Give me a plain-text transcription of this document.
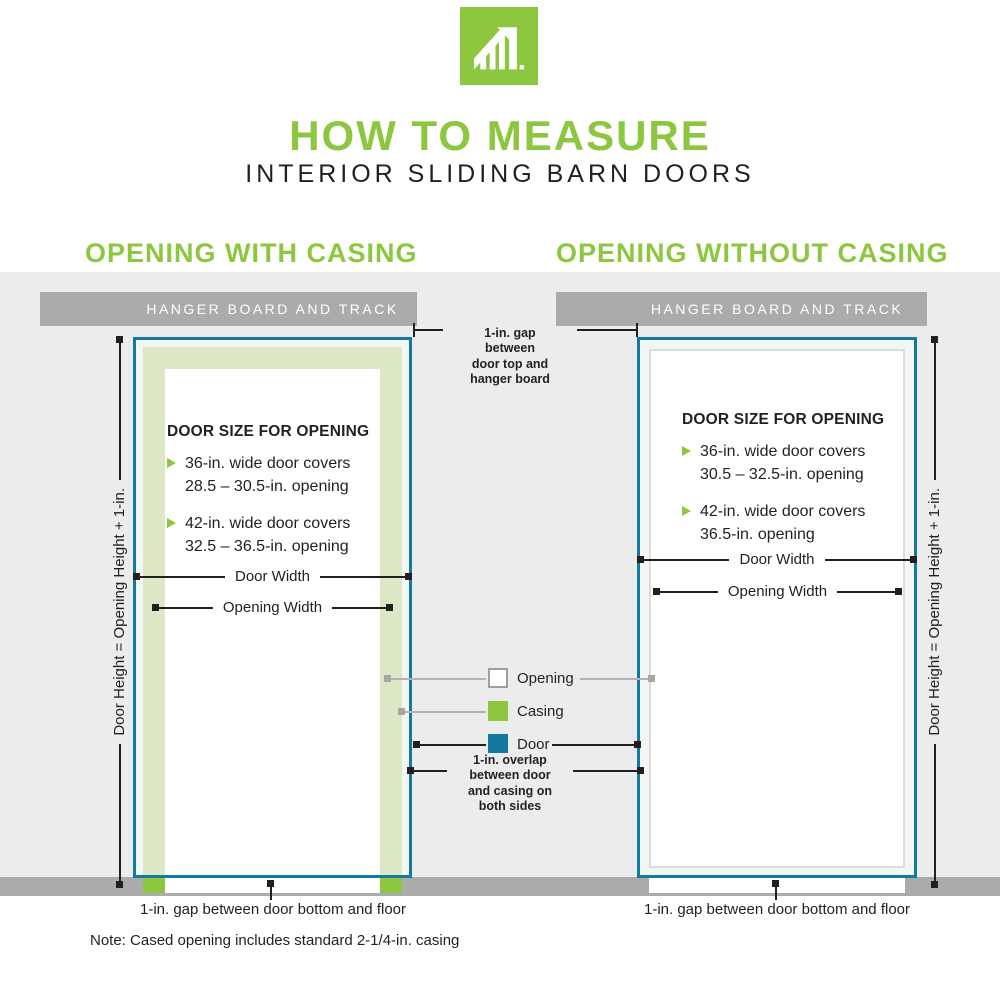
HOW TO MEASURE
INTERIOR SLIDING BARN DOORS
OPENING WITH CASING	OPENING WITHOUT CASING
HANGER BOARD AND TRACK	HANGER BOARD AND TRACK
DOOR SIZE FOR OPENING
36-in. wide door covers
28.5 – 30.5-in. opening
42-in. wide door covers
32.5 – 36.5-in. opening
Door Width
Opening Width
Door Height = Opening Height + 1-in.
DOOR SIZE FOR OPENING
36-in. wide door covers
30.5 – 32.5-in. opening
42-in. wide door covers
36.5-in. opening
Door Width
Opening Width	Door Height = Opening Height + 1-in.
1-in. gap
between
door top and
hanger board
Opening
Casing
Door
1-in. overlap
between door
and casing on
both sides
1-in. gap between door bottom and floor	1-in. gap between door bottom and floor
Note: Cased opening includes standard 2-1/4-in. casing
